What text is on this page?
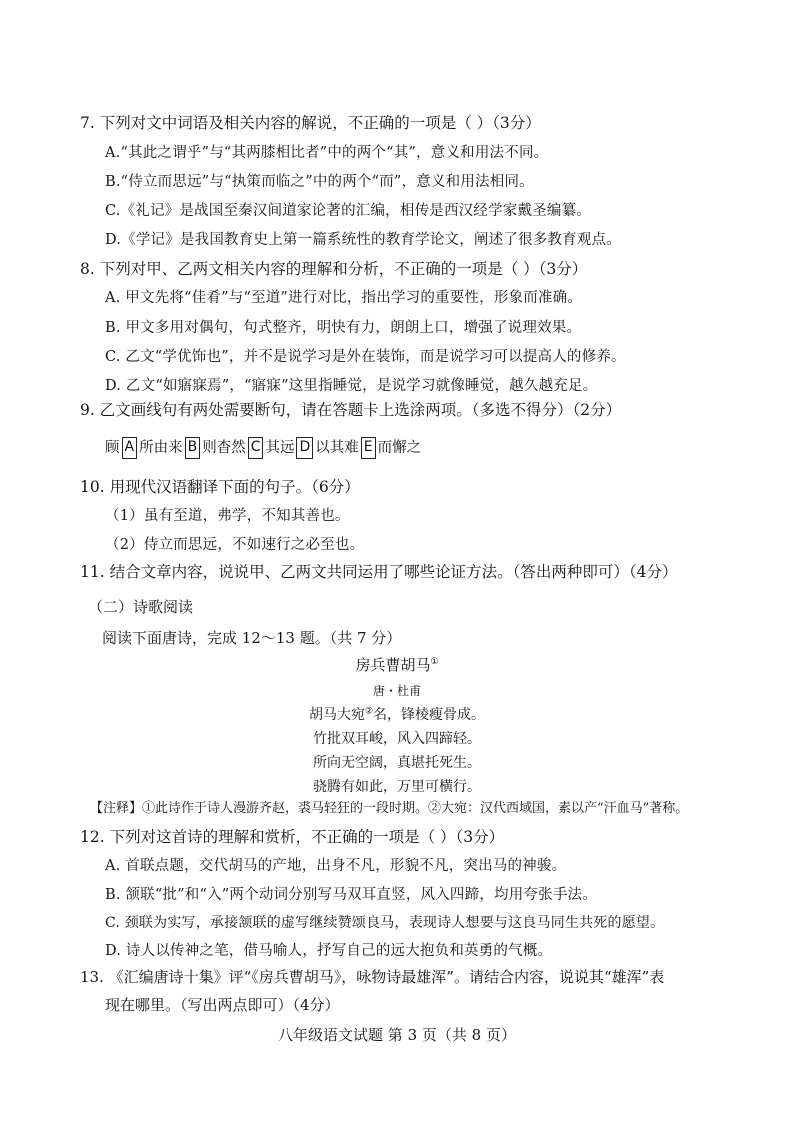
7. 下列对文中词语及相关内容的解说，不正确的一项是（ ）（3分）
A.“其此之谓乎”与“其两膝相比者”中的两个“其”，意义和用法不同。
B.“侍立而思远”与“执策而临之”中的两个“而”，意义和用法相同。
C.《礼记》是战国至秦汉间道家论著的汇编，相传是西汉经学家戴圣编纂。
D.《学记》是我国教育史上第一篇系统性的教育学论文，阐述了很多教育观点。
8. 下列对甲、乙两文相关内容的理解和分析，不正确的一项是（ ）（3分）
A. 甲文先将“佳肴”与“至道”进行对比，指出学习的重要性，形象而准确。
B. 甲文多用对偶句，句式整齐，明快有力，朗朗上口，增强了说理效果。
C. 乙文“学优饰也”，并不是说学习是外在装饰，而是说学习可以提高人的修养。
D. 乙文“如寤寐焉”，“寤寐”这里指睡觉，是说学习就像睡觉，越久越充足。
9. 乙文画线句有两处需要断句，请在答题卡上选涂两项。（多选不得分）（2分）
顾 A 所由来 B 则杳然 C 其远 D 以其难 E 而懈之
10. 用现代汉语翻译下面的句子。（6分）
（1）虽有至道，弗学，不知其善也。
（2）侍立而思远，不如速行之必至也。
11. 结合文章内容，说说甲、乙两文共同运用了哪些论证方法。（答出两种即可）（4分）
（二）诗歌阅读
阅读下面唐诗，完成 12～13 题。（共 7 分）
房兵曹胡马①
唐・杜甫
胡马大宛②名，锋棱瘦骨成。
竹批双耳峻，风入四蹄轻。
所向无空阔，真堪托死生。
骁腾有如此，万里可横行。
【注释】①此诗作于诗人漫游齐赵，裘马轻狂的一段时期。②大宛：汉代西域国，素以产“汗血马”著称。
12. 下列对这首诗的理解和赏析，不正确的一项是（ ）（3分）
A. 首联点题，交代胡马的产地，出身不凡，形貌不凡，突出马的神骏。
B. 颔联“批”和“入”两个动词分别写马双耳直竖，风入四蹄，均用夸张手法。
C. 颈联为实写，承接颔联的虚写继续赞颂良马，表现诗人想要与这良马同生共死的愿望。
D. 诗人以传神之笔，借马喻人，抒写自己的远大抱负和英勇的气概。
13. 《汇编唐诗十集》评“《房兵曹胡马》，咏物诗最雄浑”。请结合内容，说说其“雄浑”表
现在哪里。（写出两点即可）（4分）
八年级语文试题 第 3 页（共 8 页）
